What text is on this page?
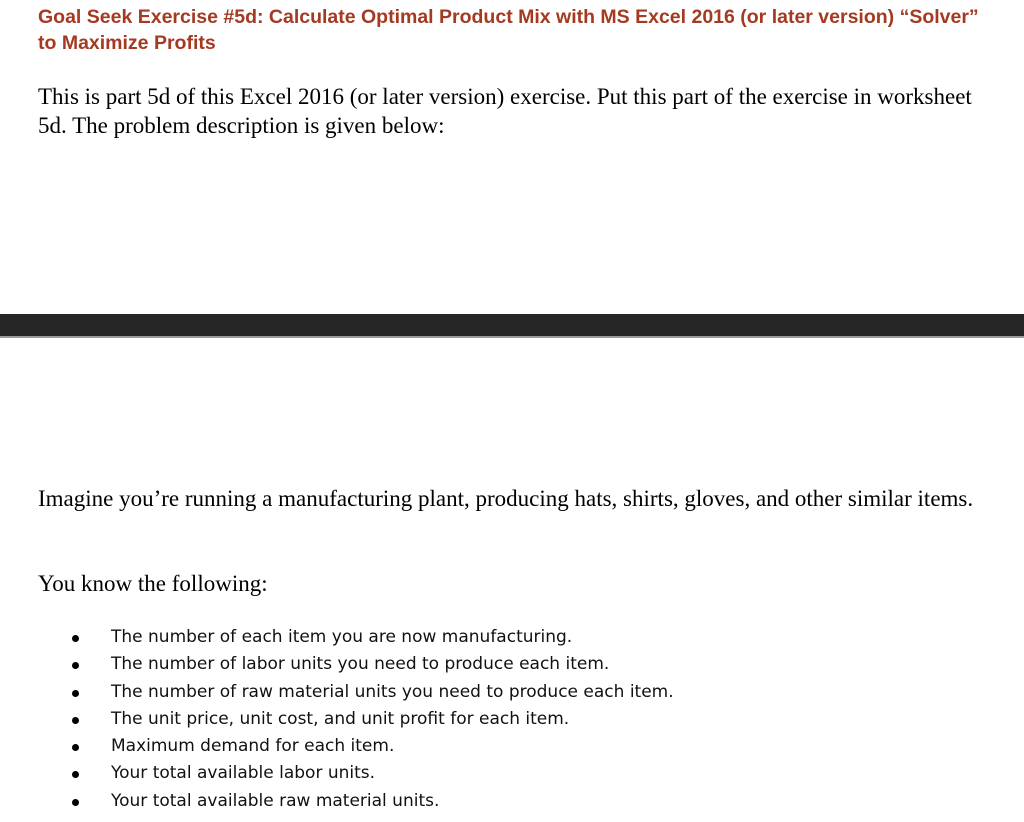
Goal Seek Exercise #5d: Calculate Optimal Product Mix with MS Excel 2016 (or later version) “Solver” to Maximize Profits

This is part 5d of this Excel 2016 (or later version) exercise. Put this part of the exercise in worksheet 5d. The problem description is given below:

Imagine you’re running a manufacturing plant, producing hats, shirts, gloves, and other similar items.

You know the following:

The number of each item you are now manufacturing.
The number of labor units you need to produce each item.
The number of raw material units you need to produce each item.
The unit price, unit cost, and unit profit for each item.
Maximum demand for each item.
Your total available labor units.
Your total available raw material units.
